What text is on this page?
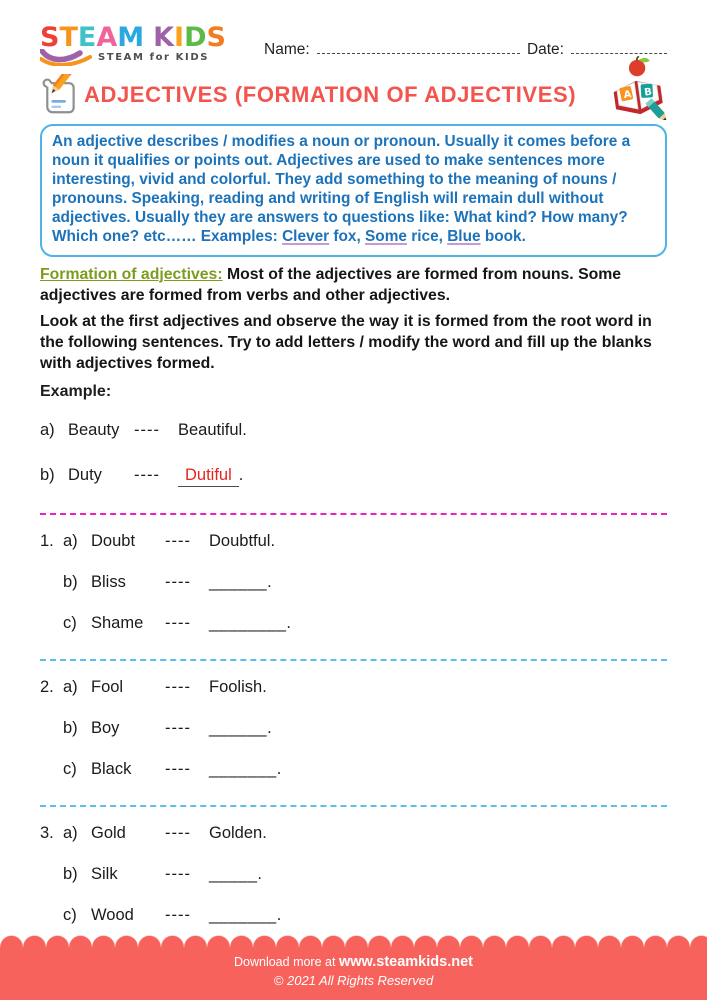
STEAM KIDS
STEAM for KIDS	Name:	Date:
ADJECTIVES (FORMATION OF ADJECTIVES)	A B
An adjective describes / modifies a noun or pronoun. Usually it comes before a noun it qualifies or points out. Adjectives are used to make sentences more interesting, vivid and colorful. They add something to the meaning of nouns / pronouns. Speaking, reading and writing of English will remain dull without adjectives. Usually they are answers to questions like: What kind? How many? Which one? etc…… Examples: Clever fox, Some rice, Blue book.
Formation of adjectives: Most of the adjectives are formed from nouns. Some adjectives are formed from verbs and other adjectives.
Look at the first adjectives and observe the way it is formed from the root word in the following sentences. Try to add letters / modify the word and fill up the blanks with adjectives formed.
Example:
a) Beauty ----	Beautiful.
b) Duty	----	Dutiful .
1. a) Doubt	----	Doubtful.
b) Bliss	----	______ .
c) Shame	----	________ .
2. a) Fool	----	Foolish.
b) Boy	----	______ .
c) Black	----	_______ .
3. a) Gold	----	Golden.
b) Silk	----	_____ .
c) Wood	----	_______ .
Download more at www.steamkids.net
© 2021 All Rights Reserved
